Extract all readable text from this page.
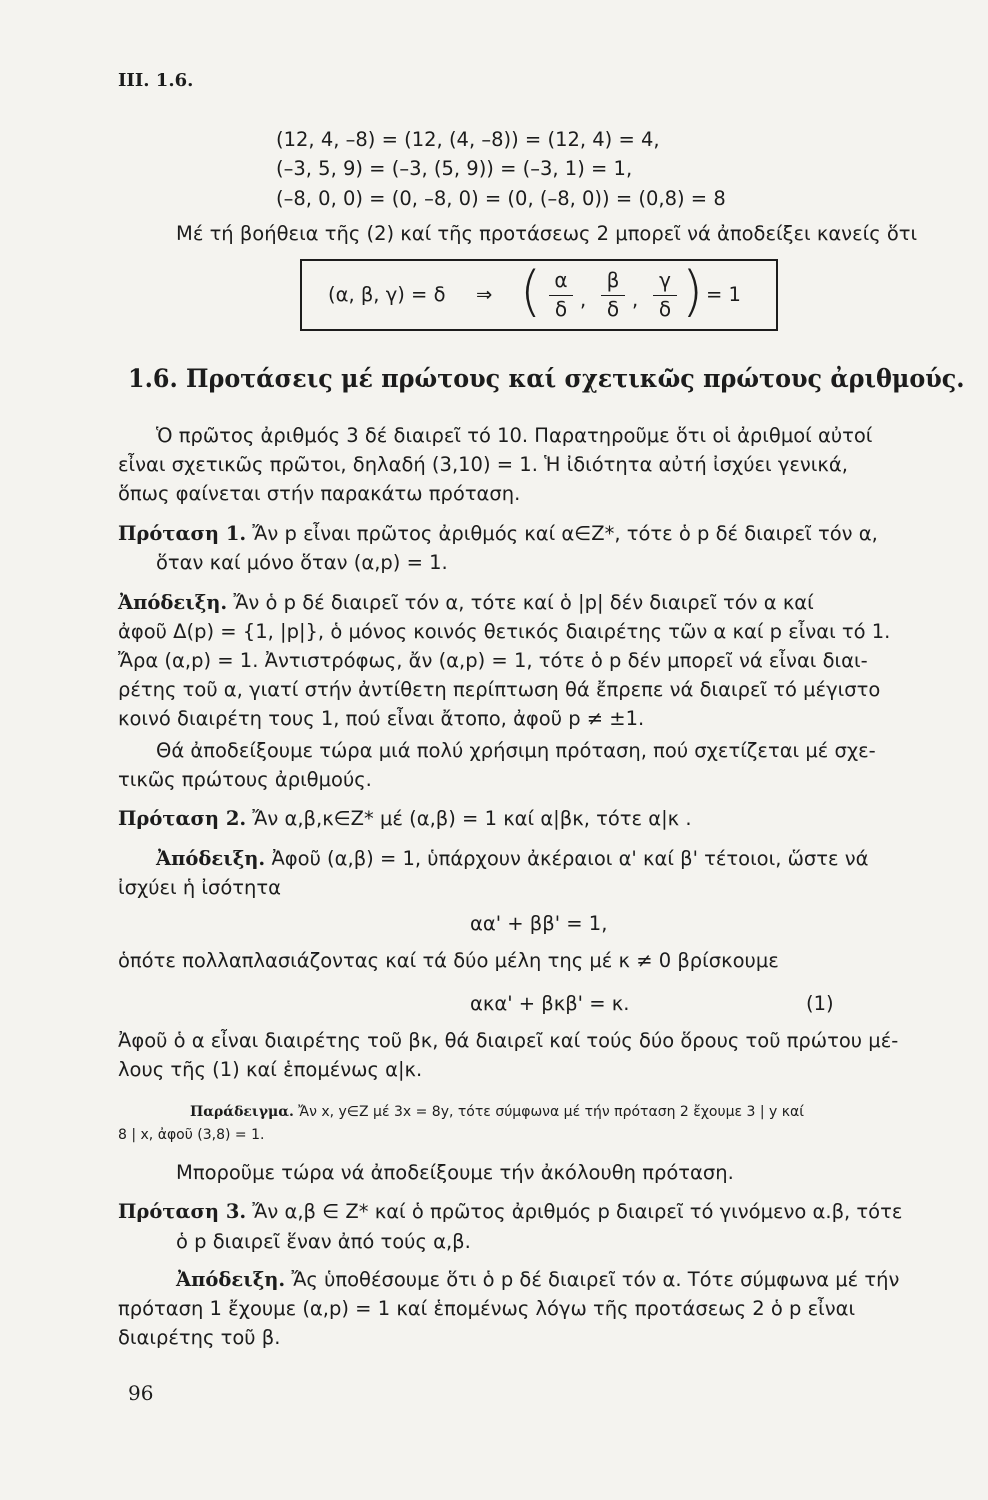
III. 1.6.
(12, 4, –8) = (12, (4, –8)) = (12, 4) = 4,
(–3, 5, 9) = (–3, (5, 9)) = (–3, 1) = 1,
(–8, 0, 0) = (0, –8, 0) = (0, (–8, 0)) = (0,8) = 8
Μέ τή βοήθεια τῆς (2) καί τῆς προτάσεως 2 μπορεῖ νά ἀποδείξει κανείς ὅτι
(α, β, γ) = δ ⇒ ( α
δ ,
β
δ ,
γ
δ ) = 1
1.6. Προτάσεις μέ πρώτους καί σχετικῶς πρώτους ἀριθμούς.
Ὁ πρῶτος ἀριθμός 3 δέ διαιρεῖ τό 10. Παρατηροῦμε ὅτι οἱ ἀριθμοί αὐτοί
εἶναι σχετικῶς πρῶτοι, δηλαδή (3,10) = 1. Ἡ ἰδιότητα αὐτή ἰσχύει γενικά,
ὅπως φαίνεται στήν παρακάτω πρόταση.
Πρόταση 1. Ἄν p εἶναι πρῶτος ἀριθμός καί α∈Z*, τότε ὁ p δέ διαιρεῖ τόν α,
ὅταν καί μόνο ὅταν (α,p) = 1.
Ἀπόδειξη. Ἄν ὁ p δέ διαιρεῖ τόν α, τότε καί ὁ |p| δέν διαιρεῖ τόν α καί
ἀφοῦ Δ(p) = {1, |p|}, ὁ μόνος κοινός θετικός διαιρέτης τῶν α καί p εἶναι τό 1.
Ἄρα (α,p) = 1. Ἀντιστρόφως, ἄν (α,p) = 1, τότε ὁ p δέν μπορεῖ νά εἶναι διαι-
ρέτης τοῦ α, γιατί στήν ἀντίθετη περίπτωση θά ἔπρεπε νά διαιρεῖ τό μέγιστο
κοινό διαιρέτη τους 1, πού εἶναι ἄτοπο, ἀφοῦ p ≠ ±1.
Θά ἀποδείξουμε τώρα μιά πολύ χρήσιμη πρόταση, πού σχετίζεται μέ σχε-
τικῶς πρώτους ἀριθμούς.
Πρόταση 2. Ἄν α,β,κ∈Z* μέ (α,β) = 1 καί α|βκ, τότε α|κ .
Ἀπόδειξη. Ἀφοῦ (α,β) = 1, ὑπάρχουν ἀκέραιοι α' καί β' τέτοιοι, ὥστε νά
ἰσχύει ἡ ἰσότητα
αα' + ββ' = 1,
ὁπότε πολλαπλασιάζοντας καί τά δύο μέλη της μέ κ ≠ 0 βρίσκουμε
ακα' + βκβ' = κ.	(1)
Ἀφοῦ ὁ α εἶναι διαιρέτης τοῦ βκ, θά διαιρεῖ καί τούς δύο ὅρους τοῦ πρώτου μέ-
λους τῆς (1) καί ἑπομένως α|κ.
Παράδειγμα. Ἄν x, y∈Z μέ 3x = 8y, τότε σύμφωνα μέ τήν πρόταση 2 ἔχουμε 3 | y καί
8 | x, ἀφοῦ (3,8) = 1.
Μποροῦμε τώρα νά ἀποδείξουμε τήν ἀκόλουθη πρόταση.
Πρόταση 3. Ἄν α,β ∈ Z* καί ὁ πρῶτος ἀριθμός p διαιρεῖ τό γινόμενο α.β, τότε
ὁ p διαιρεῖ ἕναν ἀπό τούς α,β.
Ἀπόδειξη. Ἄς ὑποθέσουμε ὅτι ὁ p δέ διαιρεῖ τόν α. Τότε σύμφωνα μέ τήν
πρόταση 1 ἔχουμε (α,p) = 1 καί ἑπομένως λόγω τῆς προτάσεως 2 ὁ p εἶναι
διαιρέτης τοῦ β.
96
